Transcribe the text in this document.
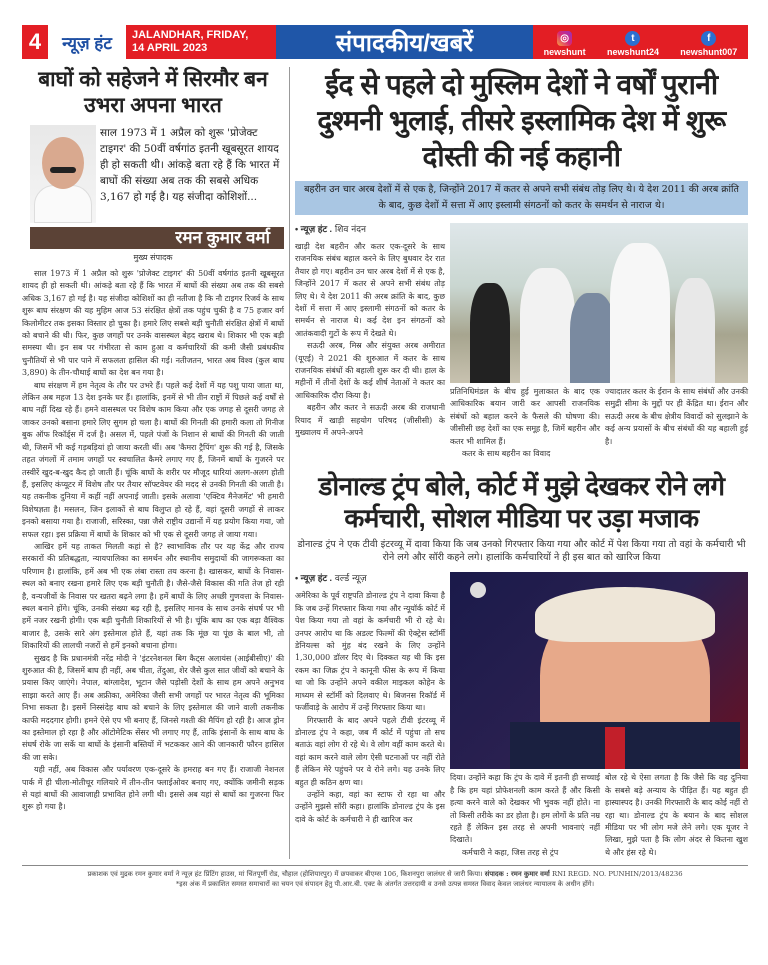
4	न्यूज़ हंट	JALANDHAR, FRIDAY,
14 APRIL 2023	संपादकीय/खबरें	◎
newshunt
t
newshunt24
f
newshunt007
बाघों को सहेजने में सिरमौर बन उभरा अपना भारत
साल 1973 में 1 अप्रैल को शुरू 'प्रोजेक्ट टाइगर' की 50वीं वर्षगांठ इतनी खूबसूरत शायद ही हो सकती थी। आंकड़े बता रहे हैं कि भारत में बाघों की संख्या अब तक की सबसे अधिक 3,167 हो गई है। यह संजीदा कोशिशों...
रमन कुमार वर्मा
मुख्य संपादक

साल 1973 में 1 अप्रैल को शुरू 'प्रोजेक्ट टाइगर' की 50वीं वर्षगांठ इतनी खूबसूरत शायद ही हो सकती थी। आंकड़े बता रहे हैं कि भारत में बाघों की संख्या अब तक की सबसे अधिक 3,167 हो गई है। यह संजीदा कोशिशों का ही नतीजा है कि नौ टाइगर रिजर्व के साथ शुरू बाघ संरक्षण की यह मुहिम आज 53 संरक्षित क्षेत्रों तक पहुंच चुकी है व 75 हजार वर्ग किलोमीटर तक इसका विस्तार हो चुका है। हमारे लिए सबसे बड़ी चुनौती संरक्षित क्षेत्रों में बाघों को बचाने की थी। फिर, कुछ जगहों पर उनके वासस्थल बेहद खराब थे। शिकार भी एक बड़ी समस्या थी। इन सब पर गंभीरता से काम हुआ व कर्मचारियों की कमी जैसी प्रबंधकीय चुनौतियों से भी पार पाने में सफलता हासिल की गई। नतीजतन, भारत अब विश्व (कुल बाघ 3,890) के तीन-चौथाई बाघों का देश बन गया है।

बाघ संरक्षण में हम नेतृत्व के तौर पर उभरे हैं। पहले कई देशों में यह पशु पाया जाता था, लेकिन अब महज 13 देश इनके घर हैं। हालांकि, इनमें से भी तीन राष्ट्रों में पिछले कई वर्षों से बाघ नहीं दिख रहे हैं। हमने वासस्थल पर विशेष काम किया और एक जगह से दूसरी जगह ले जाकर उनको बसाना हमारे लिए सुगम हो चला है। बाघों की गिनती की हमारी कला तो गिनीज बुक ऑफ रिकॉर्ड्स में दर्ज है। असल में, पहले पंजों के निशान से बाघों की गिनती की जाती थी, जिसमें भी कई गड़बड़ियां हो जाया करती थीं। अब 'कैमरा ट्रैपिंग' शुरू की गई है, जिसके तहत जंगलों में तमाम जगहों पर स्वचालित कैमरे लगाए गए हैं, जिनमें बाघों के गुजरने पर तस्वीरें खुद-ब-खुद कैद हो जाती हैं। चूंकि बाघों के शरीर पर मौजूद धारियां अलग-अलग होती हैं, इसलिए कंप्यूटर में विशेष तौर पर तैयार सॉफ्टवेयर की मदद से उनकी गिनती की जाती है। यह तकनीक दुनिया में कहीं नहीं अपनाई जाती। इसके अलावा 'एक्टिव मैनेजमेंट' भी हमारी विशेषज्ञता है। मसलन, जिन इलाकों से बाघ विलुप्त हो रहे हैं, वहां दूसरी जगहों से लाकर इनको बसाया गया है। राजाजी, सरिस्का, पन्ना जैसे राष्ट्रीय उद्यानों में यह प्रयोग किया गया, जो सफल रहा। इस प्रक्रिया में बाघों के शिकार को भी एक से दूसरी जगह ले जाया गया।

आखिर हमें यह ताकत मिलती कहां से है? स्वाभाविक तौर पर यह केंद्र और राज्य सरकारों की प्रतिबद्धता, न्यायपालिका का समर्थन और स्थानीय समुदायों की जागरूकता का परिणाम है। हालांकि, हमें अब भी एक लंबा रास्ता तय करना है। खासकर, बाघों के निवास-स्थल को बनाए रखना हमारे लिए एक बड़ी चुनौती है। जैसे-जैसे विकास की गति तेज हो रही है, वन्यजीवों के निवास पर खतरा बढ़ने लगा है। हमें बाघों के लिए अच्छी गुणवत्ता के निवास-स्थल बनाने होंगे। चूंकि, उनकी संख्या बढ़ रही है, इसलिए मानव के साथ उनके संघर्ष पर भी हमें नजर रखनी होगी। एक बड़ी चुनौती शिकारियों से भी है। चूंकि बाघ का एक बड़ा वैश्विक बाजार है, उसके सारे अंग इस्तेमाल होते हैं, यहां तक कि मूंछ या पूंछ के बाल भी, तो शिकारियों की लालची नजरों से हमें इनको बचाना होगा।

सुखद है कि प्रधानमंत्री नरेंद्र मोदी ने 'इंटरनेशनल बिग कैट्स अलायंस (आईबीसीए)' की शुरुआत की है, जिसमें बाघ ही नहीं, अब चीता, तेंदुआ, शेर जैसे कुल सात जीवों को बचाने के प्रयास किए जाएंगे। नेपाल, बांग्लादेश, भूटान जैसे पड़ोसी देशों के साथ हम अपने अनुभव साझा करते आए हैं। अब अफ्रीका, अमेरिका जैसी सभी जगहों पर भारत नेतृत्व की भूमिका निभा सकता है। इसमें निस्संदेह बाघ को बचाने के लिए इस्तेमाल की जाने वाली तकनीक काफी मददगार होगी। हमने ऐसे एप भी बनाए हैं, जिनसे गश्ती की मैपिंग हो रही है। आज ड्रोन का इस्तेमाल हो रहा है और ऑटोमेटिक सेंसर भी लगाए गए हैं, ताकि इंसानों के साथ बाघ के संघर्ष रोके जा सकें या बाघों के इंसानी बस्तियों में भटककर आने की जानकारी फौरन हासिल की जा सके।

यही नहीं, अब विकास और पर्यावरण एक-दूसरे के हमराह बन गए हैं। राजाजी नेशनल पार्क में ही चीला-मोतीचूर गलियारे में तीन-तीन फ्लाईओवर बनाए गए, क्योंकि जमीनी सड़क से यहां बाघों की आवाजाही प्रभावित होने लगी थी। इससे अब यहां से बाघों का गुजरना फिर शुरू हो गया है।

ईद से पहले दो मुस्लिम देशों ने वर्षों पुरानी दुश्मनी भुलाई, तीसरे इस्लामिक देश में शुरू दोस्ती की नई कहानी
बहरीन उन चार अरब देशों में से एक है, जिन्होंने 2017 में कतर से अपने सभी संबंध तोड़ लिए थे। ये देश 2011 की अरब क्रांति के बाद, कुछ देशों में सत्ता में आए इस्लामी संगठनों को कतर के समर्थन से नाराज थे।
• न्यूज़ हंट . शिव नंदन

खाड़ी देश बहरीन और कतर एक-दूसरे के साथ राजनयिक संबंध बहाल करने के लिए बुधवार देर रात तैयार हो गए। बहरीन उन चार अरब देशों में से एक है, जिन्होंने 2017 में कतर से अपने सभी संबंध तोड़ लिए थे। ये देश 2011 की अरब क्रांति के बाद, कुछ देशों में सत्ता में आए इस्लामी संगठनों को कतर के समर्थन से नाराज थे। कई देश इन संगठनों को आतंकवादी गुटों के रूप में देखते थे।

सऊदी अरब, मिस्र और संयुक्त अरब अमीरात (यूएई) ने 2021 की शुरुआत में कतर के साथ राजनयिक संबंधों की बहाली शुरू कर दी थी। हाल के महीनों में तीनों देशों के कई शीर्ष नेताओं ने कतर का आधिकारिक दौरा किया है।

बहरीन और कतर ने सऊदी अरब की राजधानी रियाद में खाड़ी सहयोग परिषद (जीसीसी) के मुख्यालय में अपने-अपने

प्रतिनिधिमंडल के बीच हुई मुलाकात के बाद एक आधिकारिक बयान जारी कर आपसी राजनयिक संबंधों को बहाल करने के फैसले की घोषणा की। जीसीसी छह देशों का एक समूह है, जिमें बहरीन और कतर भी शामिल हैं।

कतर के साथ बहरीन का विवाद

ज्यादातर कतर के ईरान के साथ संबंधों और उनकी समुद्री सीमा के मुद्दों पर ही केंद्रित था। ईरान और सऊदी अरब के बीच क्षेत्रीय विवादों को सुलझाने के कई अन्य प्रयासों के बीच संबंधों की यह बहाली हुई है।

डोनाल्ड ट्रंप बोले, कोर्ट में मुझे देखकर रोने लगे कर्मचारी, सोशल मीडिया पर उड़ा मजाक
डोनाल्ड ट्रंप ने एक टीवी इंटरव्यू में दावा किया कि जब उनको गिरफ्तार किया गया और कोर्ट में पेश किया गया तो वहां के कर्मचारी भी रोने लगे और सॉरी कहने लगे। हालांकि कर्मचारियों ने ही इस बात को खारिज किया
• न्यूज़ हंट . वर्ल्ड न्यूज़

अमेरिका के पूर्व राष्ट्रपति डोनाल्ड ट्रंप ने दावा किया है कि जब उन्हें गिरफ्तार किया गया और न्यूयॉर्क कोर्ट में पेश किया गया तो वहां के कर्मचारी भी रो रहे थे। उनपर आरोप था कि अडल्ट फिल्मों की ऐक्ट्रेस स्टॉर्मी डेनियल्स को मुंह बंद रखने के लिए उन्होंने 1,30,000 डॉलर दिए थे। दिक्कत यह थी कि इस रकम का जिक्र ट्रंप ने कानूनी फीस के रूप में किया था जो कि उन्होंने अपने वकील माइकल कोहेन के माध्यम से स्टॉर्मी को दिलवाए थे। बिजनस रिकॉर्ड में फर्जीवाड़े के आरोप में उन्हें गिरफ्तार किया था।

गिरफ्तारी के बाद अपने पहले टीवी इंटरव्यू में डोनाल्ड ट्रंप ने कहा, जब मैं कोर्ट में पहुंचा तो सच बताऊं वहां लोग रो रहे थे। वे लोग वहीं काम करते थे। वहां काम करने वाले लोग ऐसी घटनाओं पर नहीं रोते हैं लेकिन मेरे पहुंचने पर वे रोने लगे। यह उनके लिए बहुत ही कठिन क्षण था।

उन्होंने कहा, वहां का स्टाफ रो रहा था और उन्होंने मुझसे सॉरी कहा। हालांकि डोनाल्ड ट्रंप के इस दावे के कोर्ट के कर्मचारी ने ही खारिज कर

दिया। उन्होंने कहा कि ट्रंप के दावे में इतनी ही सच्चाई है कि हम यहां प्रोफेशनली काम करते हैं और किसी हत्या करने वाले को देखकर भी भुवक नहीं होते। ना तो किसी तरीके का डर होता है। हम लोगों के प्रति नम्र रहते हैं लेकिन इस तरह से अपनी भावनाएं नहीं दिखाते।

कर्मचारी ने कहा, जिस तरह से ट्रंप

बोल रहे थे ऐसा लगता है कि जैसे कि वह दुनिया के सबसे बड़े अन्याय के पीड़ित हैं। यह बहुत ही हास्यास्पद है। उनकी गिरफ्तारी के बाद कोई नहीं रो रहा था। डोनाल्ड ट्रंप के बयान के बाद सोशल मीडिया पर भी लोग मजे लेने लगे। एक यूजर ने लिखा, मुझे पता है कि लोग अंदर से कितना खुश थे और हंस रहे थे।

प्रकाशक एवं मुद्रक रमन कुमार वर्मा ने न्यूज़ हंट प्रिंटिंग हाउस, मां चिंतपूर्णी रोड, चौहाल (होशियारपुर) में छपवाकर बीएम्स 106, किशनपुरा जालंधर से जारी किया। संपादक : रमन कुमार वर्मा RNI REGD. NO. PUNHIN/2013/48236
*इस अंक में प्रकाशित समस्त समाचारों का चयन एवं संपादन हेतु पी.आर.बी. एक्ट के अंतर्गत उत्तरदायी व उनसे उत्पन्न समस्त विवाद केवल जालंधर न्यायालय के अधीन होंगे।
